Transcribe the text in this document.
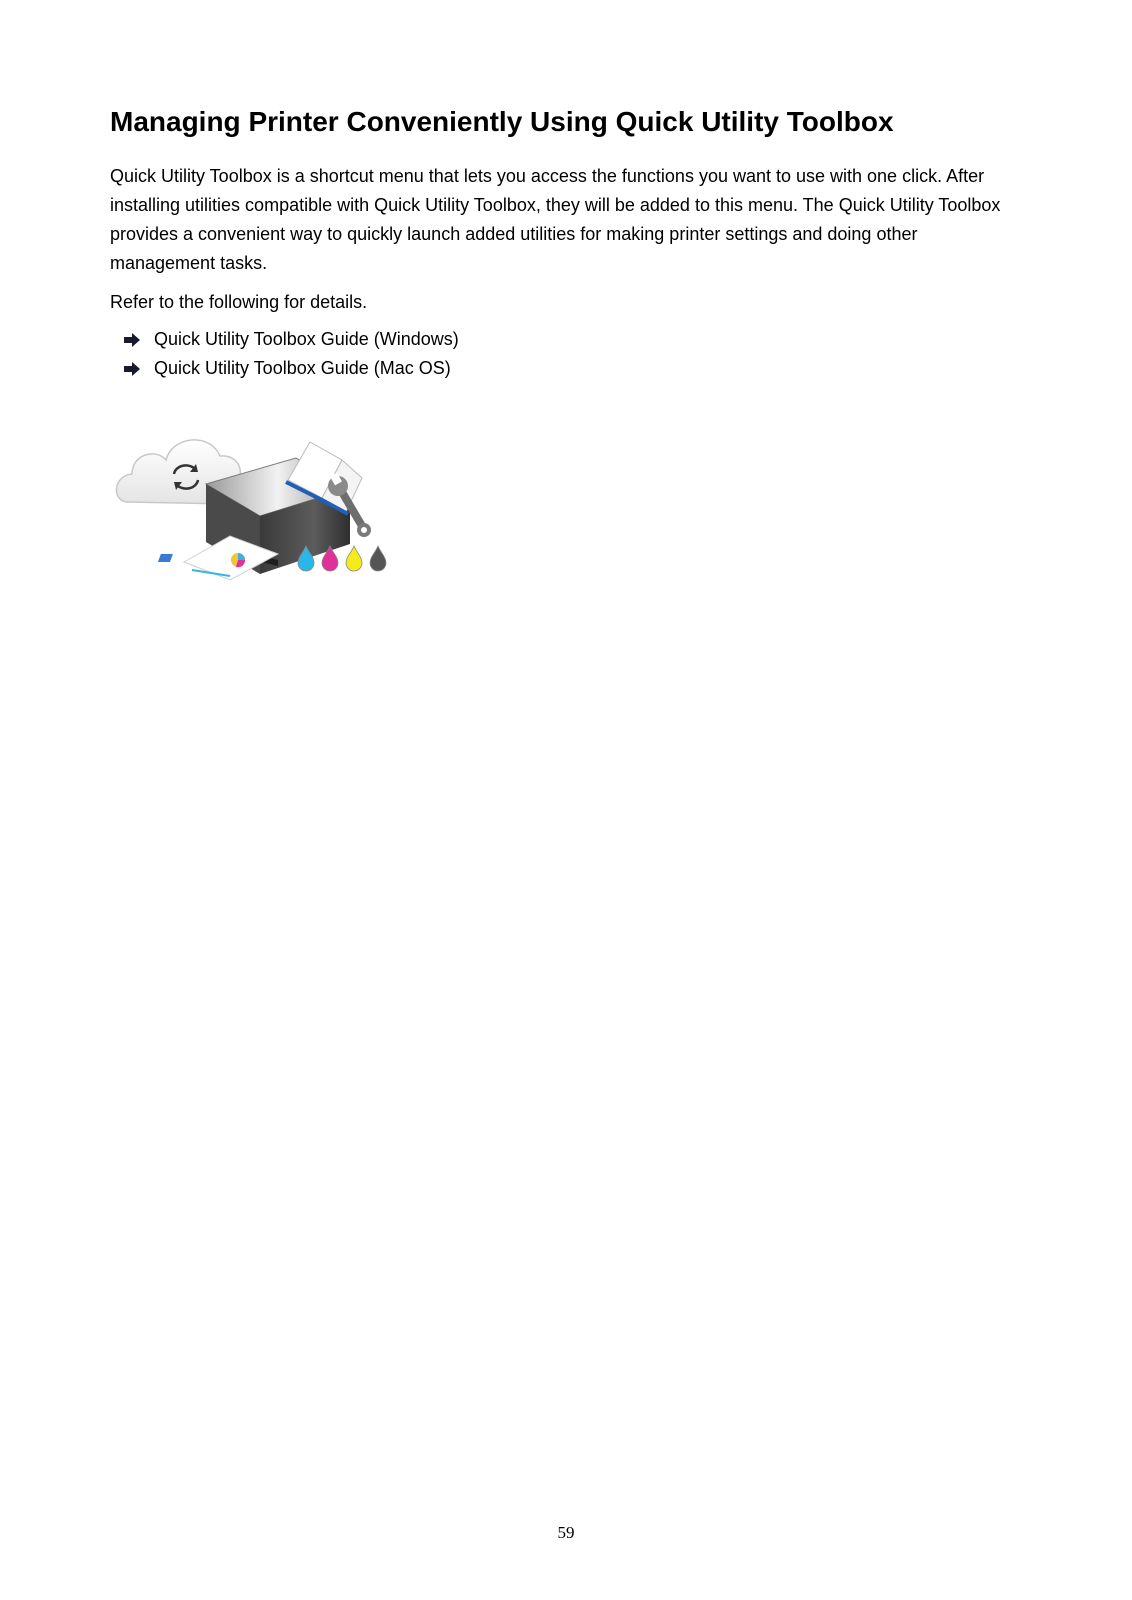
Managing Printer Conveniently Using Quick Utility Toolbox

Quick Utility Toolbox is a shortcut menu that lets you access the functions you want to use with one click. After installing utilities compatible with Quick Utility Toolbox, they will be added to this menu. The Quick Utility Toolbox provides a convenient way to quickly launch added utilities for making printer settings and doing other management tasks.

Refer to the following for details.

Quick Utility Toolbox Guide (Windows)
Quick Utility Toolbox Guide (Mac OS)
59
